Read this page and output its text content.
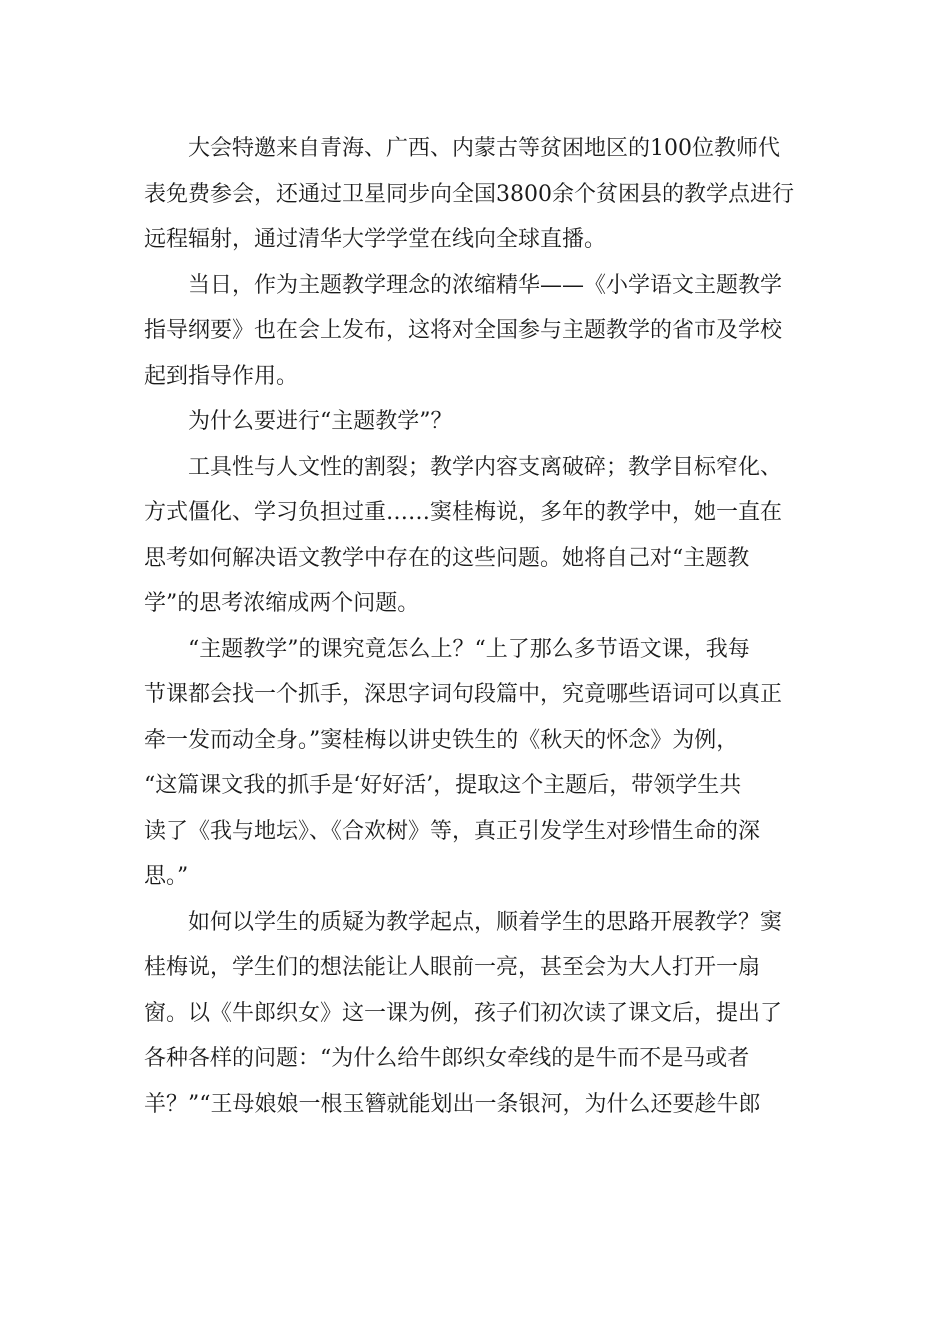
大会特邀来自青海、广西、内蒙古等贫困地区的100位教师代
表免费参会，还通过卫星同步向全国3800余个贫困县的教学点进行
远程辐射，通过清华大学学堂在线向全球直播。
当日，作为主题教学理念的浓缩精华——《小学语文主题教学
指导纲要》也在会上发布，这将对全国参与主题教学的省市及学校
起到指导作用。
为什么要进行“主题教学”？
工具性与人文性的割裂；教学内容支离破碎；教学目标窄化、
方式僵化、学习负担过重……窦桂梅说，多年的教学中，她一直在
思考如何解决语文教学中存在的这些问题。她将自己对“主题教
学”的思考浓缩成两个问题。
“主题教学”的课究竟怎么上？“上了那么多节语文课，我每
节课都会找一个抓手，深思字词句段篇中，究竟哪些语词可以真正
牵一发而动全身。”窦桂梅以讲史铁生的《秋天的怀念》为例，
“这篇课文我的抓手是‘好好活’，提取这个主题后，带领学生共
读了《我与地坛》、《合欢树》等，真正引发学生对珍惜生命的深
思。”
如何以学生的质疑为教学起点，顺着学生的思路开展教学？窦
桂梅说，学生们的想法能让人眼前一亮，甚至会为大人打开一扇
窗。以《牛郎织女》这一课为例，孩子们初次读了课文后，提出了
各种各样的问题：“为什么给牛郎织女牵线的是牛而不是马或者
羊？”“王母娘娘一根玉簪就能划出一条银河，为什么还要趁牛郎
